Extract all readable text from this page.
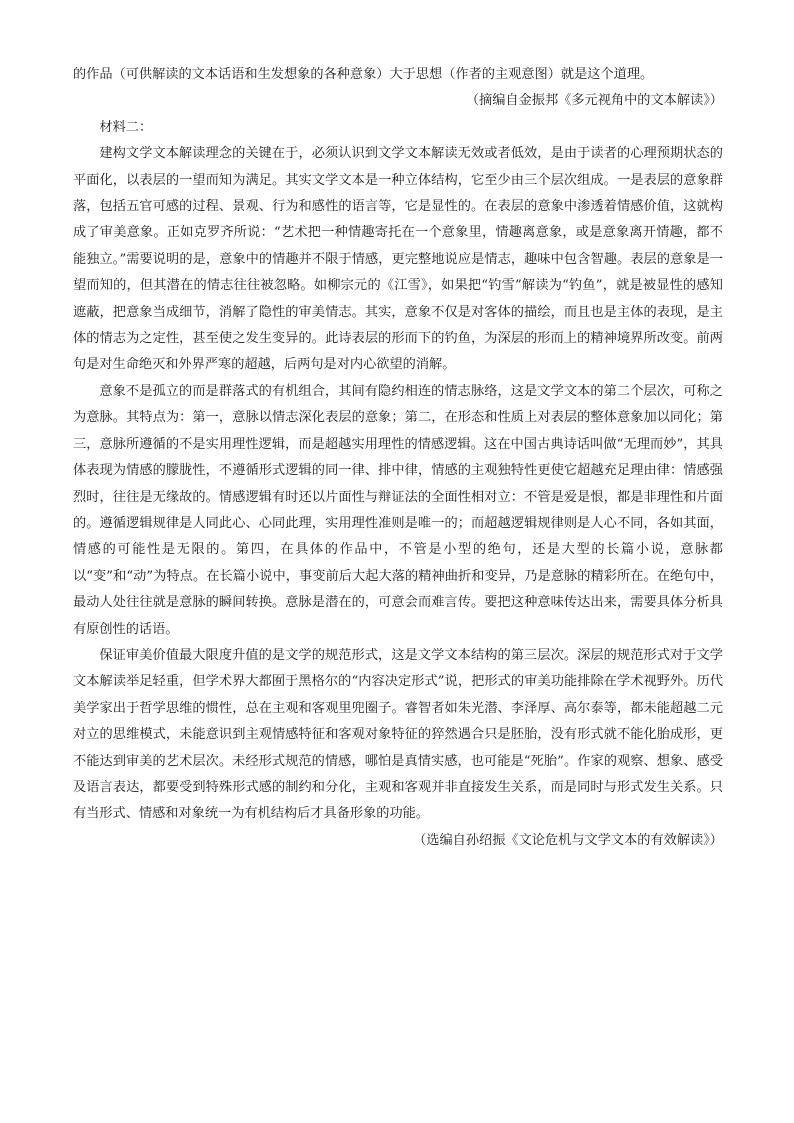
的作品（可供解读的文本话语和生发想象的各种意象）大于思想（作者的主观意图）就是这个道理。

（摘编自金振邦《多元视角中的文本解读》）

材料二：

建构文学文本解读理念的关键在于，必须认识到文学文本解读无效或者低效，是由于读者的心理预期状态的平面化，以表层的一望而知为满足。其实文学文本是一种立体结构，它至少由三个层次组成。一是表层的意象群落，包括五官可感的过程、景观、行为和感性的语言等，它是显性的。在表层的意象中渗透着情感价值，这就构成了审美意象。正如克罗齐所说：“艺术把一种情趣寄托在一个意象里，情趣离意象，或是意象离开情趣，都不能独立。”需要说明的是，意象中的情趣并不限于情感，更完整地说应是情志，趣味中包含智趣。表层的意象是一望而知的，但其潜在的情志往往被忽略。如柳宗元的《江雪》，如果把“钓雪”解读为“钓鱼”，就是被显性的感知遮蔽，把意象当成细节，消解了隐性的审美情志。其实，意象不仅是对客体的描绘，而且也是主体的表现，是主体的情志为之定性，甚至使之发生变异的。此诗表层的形而下的钓鱼，为深层的形而上的精神境界所改变。前两句是对生命绝灭和外界严寒的超越，后两句是对内心欲望的消解。

意象不是孤立的而是群落式的有机组合，其间有隐约相连的情志脉络，这是文学文本的第二个层次，可称之为意脉。其特点为：第一，意脉以情志深化表层的意象；第二，在形态和性质上对表层的整体意象加以同化；第三，意脉所遵循的不是实用理性逻辑，而是超越实用理性的情感逻辑。这在中国古典诗话叫做“无理而妙”，其具体表现为情感的朦胧性，不遵循形式逻辑的同一律、排中律，情感的主观独特性更使它超越充足理由律：情感强烈时，往往是无缘故的。情感逻辑有时还以片面性与辩证法的全面性相对立：不管是爱是恨，都是非理性和片面的。遵循逻辑规律是人同此心、心同此理，实用理性准则是唯一的；而超越逻辑规律则是人心不同，各如其面，情感的可能性是无限的。第四，在具体的作品中，不管是小型的绝句，还是大型的长篇小说，意脉都以“变”和“动”为特点。在长篇小说中，事变前后大起大落的精神曲折和变异，乃是意脉的精彩所在。在绝句中，最动人处往往就是意脉的瞬间转换。意脉是潜在的，可意会而难言传。要把这种意味传达出来，需要具体分析具有原创性的话语。

保证审美价值最大限度升值的是文学的规范形式，这是文学文本结构的第三层次。深层的规范形式对于文学文本解读举足轻重，但学术界大都囿于黑格尔的“内容决定形式”说，把形式的审美功能排除在学术视野外。历代美学家出于哲学思维的惯性，总在主观和客观里兜圈子。睿智者如朱光潜、李泽厚、高尔泰等，都未能超越二元对立的思维模式，未能意识到主观情感特征和客观对象特征的猝然遇合只是胚胎，没有形式就不能化胎成形，更不能达到审美的艺术层次。未经形式规范的情感，哪怕是真情实感，也可能是“死胎”。作家的观察、想象、感受及语言表达，都要受到特殊形式感的制约和分化，主观和客观并非直接发生关系，而是同时与形式发生关系。只有当形式、情感和对象统一为有机结构后才具备形象的功能。

（选编自孙绍振《文论危机与文学文本的有效解读》）
